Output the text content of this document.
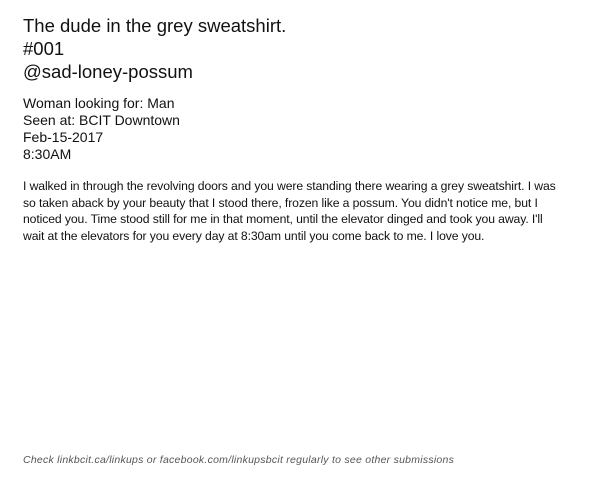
The dude in the grey sweatshirt.
#001
@sad-loney-possum
Woman looking for: Man
Seen at: BCIT Downtown
Feb-15-2017
8:30AM

I walked in through the revolving doors and you were standing there wearing a grey sweatshirt. I was so taken aback by your beauty that I stood there, frozen like a possum. You didn't notice me, but I noticed you. Time stood still for me in that moment, until the elevator dinged and took you away. I'll wait at the elevators for you every day at 8:30am until you come back to me. I love you.

Check linkbcit.ca/linkups or facebook.com/linkupsbcit regularly to see other submissions
